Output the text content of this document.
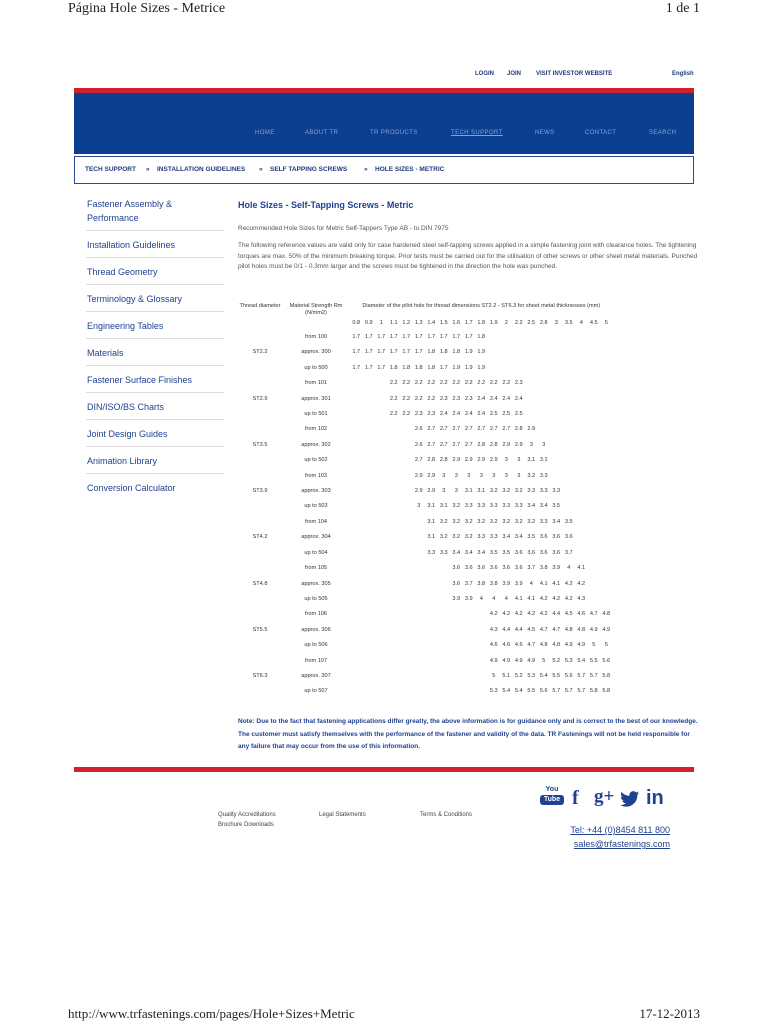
Página Hole Sizes - Metrice	1 de 1
LOGIN JOIN VISIT INVESTOR WEBSITE	English
HOME	ABOUT TR	TR PRODUCTS	TECH SUPPORT	NEWS	CONTACT	SEARCH
TECH SUPPORT » INSTALLATION GUIDELINES » SELF TAPPING SCREWS	» HOLE SIZES - METRIC
Fastener Assembly & Performance
Installation Guidelines
Thread Geometry
Terminology & Glossary
Engineering Tables
Materials
Fastener Surface Finishes
DIN/ISO/BS Charts
Joint Design Guides
Animation Library
Conversion Calculator
Hole Sizes - Self-Tapping Screws - Metric
Recommended Hole Sizes for Metric Self-Tappers Type AB - to DIN 7975
The following reference values are valid only for case hardened steel self-tapping screws applied in a simple fastening joint with clearance holes. The tightening torques are max. 50% of the minimum breaking torque. Prior tests must be carried out for the utilisation of other screws or other sheet metal materials. Punched pilot holes must be 0/1 - 0.3mm larger and the screws must be tightened in the direction the hole was punched.
Thread diameter	Material Strength Rm (N/mm2)	Diameter of the pilot hole for thread dimensions ST2.2 - ST6.3 for sheet metal thicknesses (mm)																				
		0.8	0.9	1	1.1	1.2	1.3	1.4	1.5	1.6	1.7	1.8	1.9	2	2.2	2.5	2.8	3	3.5	4	4.5	5
	from 100	1.7	1.7	1.7	1.7	1.7	1.7	1.7	1.7	1.7	1.7	1.8										
ST2.2	approx. 300	1.7	1.7	1.7	1.7	1.7	1.7	1.8	1.8	1.8	1.9	1.9										
	up to 500	1.7	1.7	1.7	1.8	1.8	1.8	1.8	1.7	1.9	1.9	1.9										
	from 101				2.2	2.2	2.2	2.2	2.2	2.2	2.2	2.2	2.2	2.2	2.3							
ST2.9	approx. 301				2.2	2.2	2.2	2.2	2.3	2.3	2.3	2.4	2.4	2.4	2.4							
	up to 501				2.2	2.2	2.3	2.3	2.4	2.4	2.4	2.4	2.5	2.5	2.5							
	from 102						2.6	2.7	2.7	2.7	2.7	2.7	2.7	2.7	2.8	2.9						
ST3.5	approx. 302						2.6	2.7	2.7	2.7	2.7	2.8	2.8	2.9	2.9	3	3					
	up to 502						2.7	2.8	2.8	2.9	2.9	2.9	2.9	3	3	3.1	3.1					
	from 103						2.9	2.9	3	3	3	3	3	3	3	3.2	3.3					
ST3.9	approx. 303						2.9	2.9	3	3	3.1	3.1	3.2	3.2	3.2	3.3	3.3	3.3				
	up to 503						3	3.1	3.1	3.2	3.3	3.3	3.3	3.3	3.3	3.4	3.4	3.5				
	from 104							3.1	3.2	3.2	3.2	3.2	3.2	3.2	3.2	3.2	3.3	3.4	3.5			
ST4.2	approx. 304							3.1	3.2	3.2	3.2	3.3	3.3	3.4	3.4	3.5	3.6	3.6	3.6			
	up to 504							3.3	3.3	3.4	3.4	3.4	3.5	3.5	3.6	3.6	3.6	3.6	3.7			
	from 105									3.6	3.6	3.6	3.6	3.6	3.6	3.7	3.8	3.9	4	4.1		
ST4.8	approx. 305									3.6	3.7	3.8	3.8	3.9	3.9	4	4.1	4.1	4.2	4.2		
	up to 505									3.9	3.9	4	4	4	4.1	4.1	4.2	4.2	4.2	4.3		
	from 106												4.2	4.2	4.2	4.2	4.2	4.4	4.5	4.6	4.7	4.8
ST5.5	approx. 306												4.3	4.4	4.4	4.5	4.7	4.7	4.8	4.8	4.9	4.9
	up to 506												4.6	4.6	4.6	4.7	4.8	4.8	4.9	4.9	5	5
	from 107												4.9	4.9	4.9	4.9	5	5.2	5.3	5.4	5.5	5.6
ST6.3	approx. 307												5	5.1	5.2	5.3	5.4	5.5	5.6	5.7	5.7	5.8
	up to 507												5.3	5.4	5.4	5.5	5.6	5.7	5.7	5.7	5.8	5.8
Note: Due to the fact that fastening applications differ greatly, the above information is for guidance only and is correct to the best of our knowledge. The customer must satisfy themselves with the performance of the fastener and validity of the data. TR Fastenings will not be held responsible for any failure that may occur from the use of this information.
You
Tube f g+ in
Quality Accreditations
Brochure Downloads
Legal Statements	Terms & Conditions
Tel: +44 (0)8454 811 800
sales@trfastenings.com
http://www.trfastenings.com/pages/Hole+Sizes+Metric	17-12-2013
